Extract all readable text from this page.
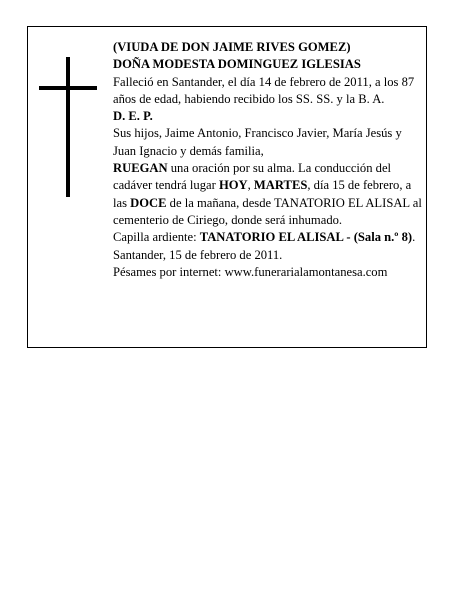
(VIUDA DE DON JAIME RIVES GOMEZ)

DOÑA MODESTA DOMINGUEZ IGLESIAS

Falleció en Santander, el día 14 de febrero de 2011, a los 87 años de edad, habiendo recibido los SS. SS. y la B. A.

D. E. P.

Sus hijos, Jaime Antonio, Francisco Javier, María Jesús y Juan Ignacio y demás familia,

RUEGAN una oración por su alma. La conducción del cadáver tendrá lugar HOY, MARTES, día 15 de febrero, a las DOCE de la mañana, desde TANATORIO EL ALISAL al cementerio de Ciriego, donde será inhumado.

Capilla ardiente: TANATORIO EL ALISAL - (Sala n.º 8).

Santander, 15 de febrero de 2011.

Pésames por internet: www.funerarialamontanesa.com
